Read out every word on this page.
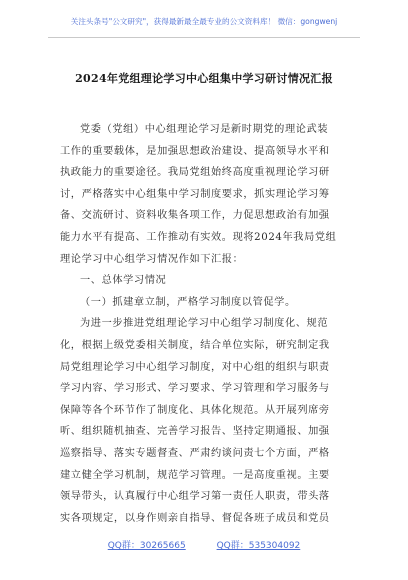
关注头条号"公文研究"，获得最新最全最专业的公文资料库！ 微信：gongwenj
2024年党组理论学习中心组集中学习研讨情况汇报
党委（党组）中心组理论学习是新时期党的理论武装
工作的重要载体，是加强思想政治建设、提高领导水平和
执政能力的重要途径。我局党组始终高度重视理论学习研
讨，严格落实中心组集中学习制度要求，抓实理论学习筹
备、交流研讨、资料收集各项工作，力促思想政治有加强
能力水平有提高、工作推动有实效。现将2024年我局党组
理论学习中心组学习情况作如下汇报：
一、总体学习情况
（一）抓建章立制，严格学习制度以管促学。
为进一步推进党组理论学习中心组学习制度化、规范
化，根据上级党委相关制度，结合单位实际，研究制定我
局党组理论学习中心组学习制度，对中心组的组织与职责
学习内容、学习形式、学习要求、学习管理和学习服务与
保障等各个环节作了制度化、具体化规范。从开展列席旁
听、组织随机抽查、完善学习报告、坚持定期通报、加强
巡察指导、落实专题督查、严肃约谈问责七个方面，严格
建立健全学习机制，规范学习管理。一是高度重视。主要
领导带头，认真履行中心组学习第一责任人职责，带头落
实各项规定，以身作则亲自指导、督促各班子成员和党员
QQ群：30265665	QQ群：535304092
